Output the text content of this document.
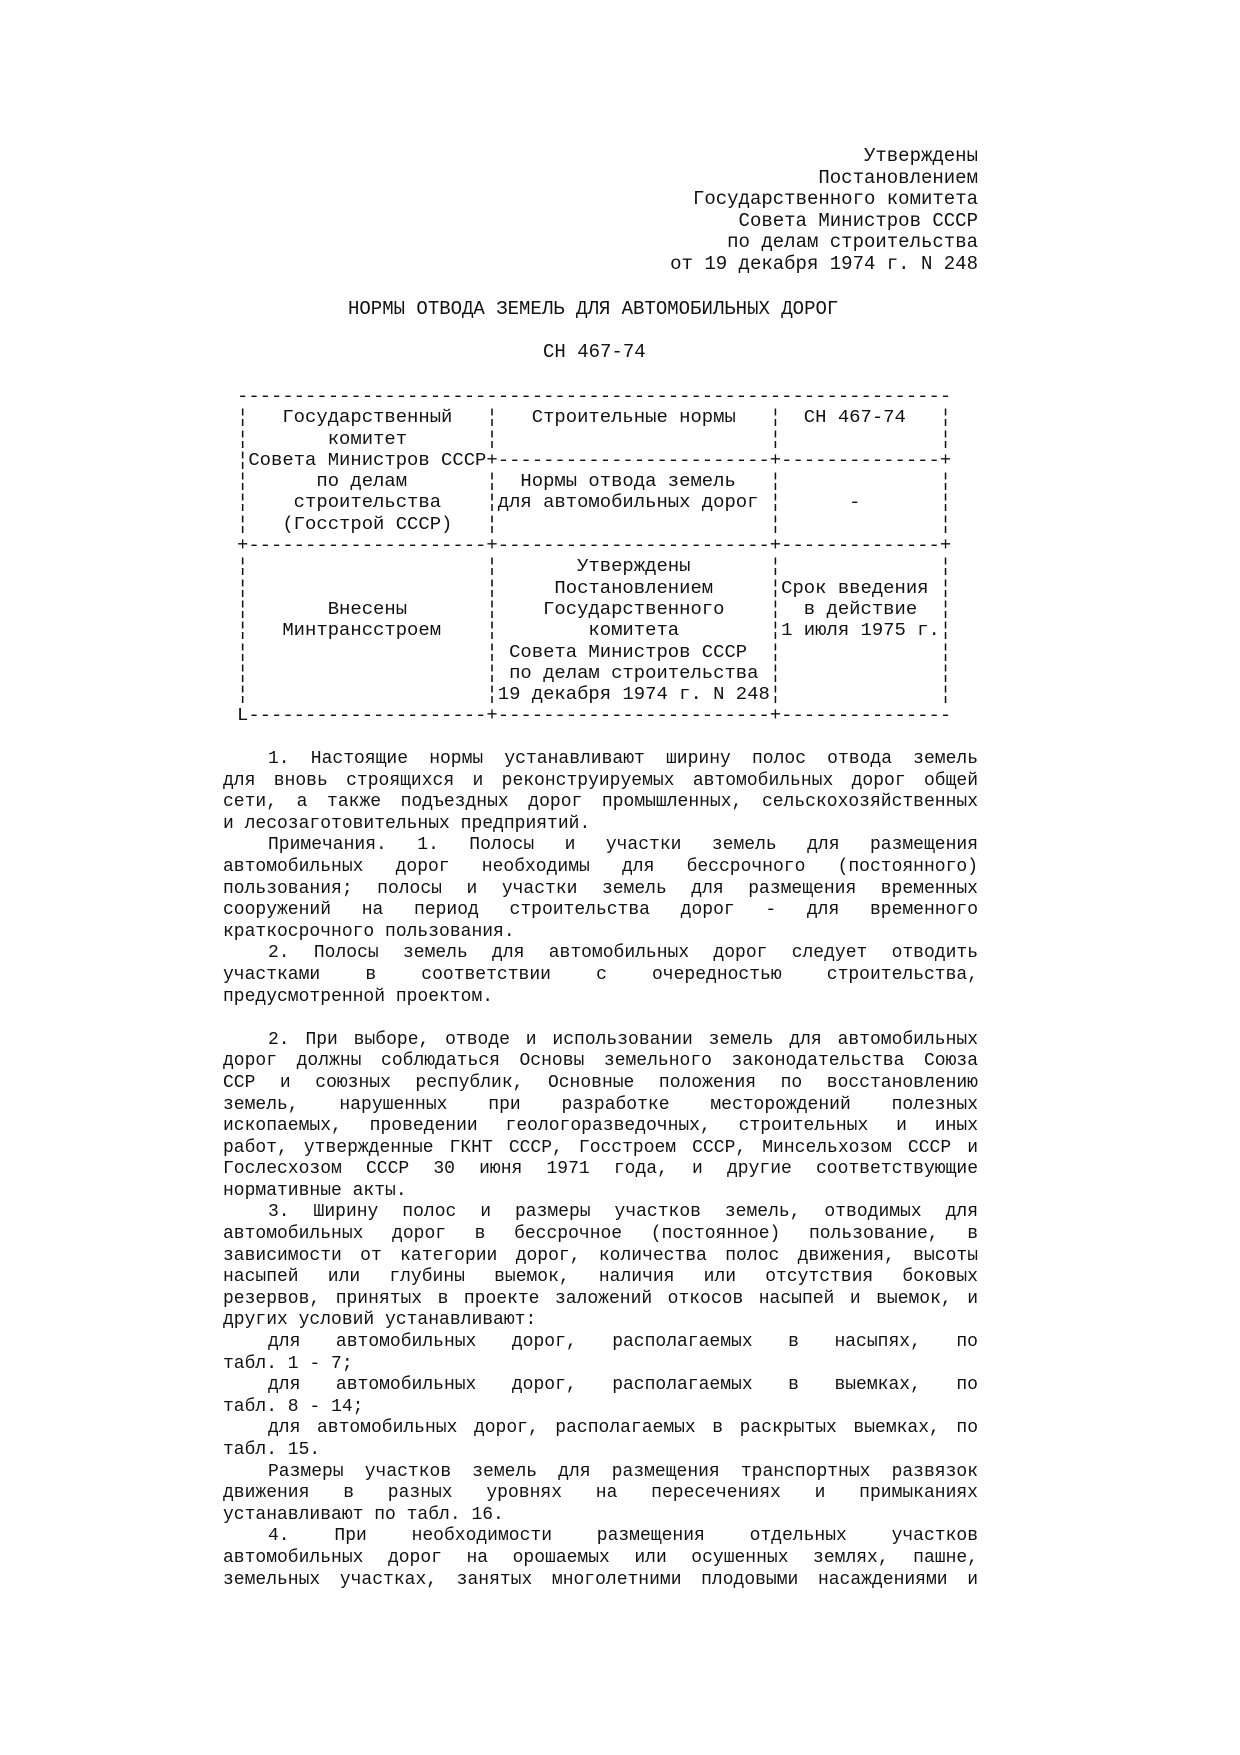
Утверждены
Постановлением
Государственного комитета
Совета Министров СССР
по делам строительства
от 19 декабря 1974 г. N 248
НОРМЫ ОТВОДА ЗЕМЕЛЬ ДЛЯ АВТОМОБИЛЬНЫХ ДОРОГ
СН 467-74
---------------------------------------------------------------
¦   Государственный   ¦   Строительные нормы   ¦  СН 467-74   ¦
¦       комитет       ¦                        ¦              ¦
¦Совета Министров СССР+------------------------+--------------+
¦      по делам       ¦  Нормы отвода земель   ¦              ¦
¦    строительства    ¦для автомобильных дорог ¦      -       ¦
¦   (Госстрой СССР)   ¦                        ¦              ¦
+---------------------+------------------------+--------------+
¦                     ¦       Утверждены       ¦              ¦
¦                     ¦     Постановлением     ¦Срок введения ¦
¦       Внесены       ¦    Государственного    ¦  в действие  ¦
¦   Минтрансстроем    ¦        комитета        ¦1 июля 1975 г.¦
¦                     ¦ Совета Министров СССР  ¦              ¦
¦                     ¦ по делам строительства ¦              ¦
¦                     ¦19 декабря 1974 г. N 248¦              ¦
L---------------------+------------------------+---------------
1. Настоящие нормы устанавливают ширину полос отвода земель
для вновь строящихся и реконструируемых автомобильных дорог общей
сети, а также подъездных дорог промышленных, сельскохозяйственных
и лесозаготовительных предприятий.
Примечания. 1. Полосы и участки земель для размещения
автомобильных дорог необходимы для бессрочного (постоянного)
пользования; полосы и участки земель для размещения временных
сооружений на период строительства дорог - для временного
краткосрочного пользования.
2. Полосы земель для автомобильных дорог следует отводить
участками в соответствии с очередностью строительства,
предусмотренной проектом.
2. При выборе, отводе и использовании земель для автомобильных
дорог должны соблюдаться Основы земельного законодательства Союза
ССР и союзных республик, Основные положения по восстановлению
земель, нарушенных при разработке месторождений полезных
ископаемых, проведении геологоразведочных, строительных и иных
работ, утвержденные ГКНТ СССР, Госстроем СССР, Минсельхозом СССР и
Гослесхозом СССР 30 июня 1971 года, и другие соответствующие
нормативные акты.
3. Ширину полос и размеры участков земель, отводимых для
автомобильных дорог в бессрочное (постоянное) пользование, в
зависимости от категории дорог, количества полос движения, высоты
насыпей или глубины выемок, наличия или отсутствия боковых
резервов, принятых в проекте заложений откосов насыпей и выемок, и
других условий устанавливают:
для автомобильных дорог, располагаемых в насыпях, по
табл. 1 - 7;
для автомобильных дорог, располагаемых в выемках, по
табл. 8 - 14;
для автомобильных дорог, располагаемых в раскрытых выемках, по
табл. 15.
Размеры участков земель для размещения транспортных развязок
движения в разных уровнях на пересечениях и примыканиях
устанавливают по табл. 16.
4. При необходимости размещения отдельных участков
автомобильных дорог на орошаемых или осушенных землях, пашне,
земельных участках, занятых многолетними плодовыми насаждениями и
